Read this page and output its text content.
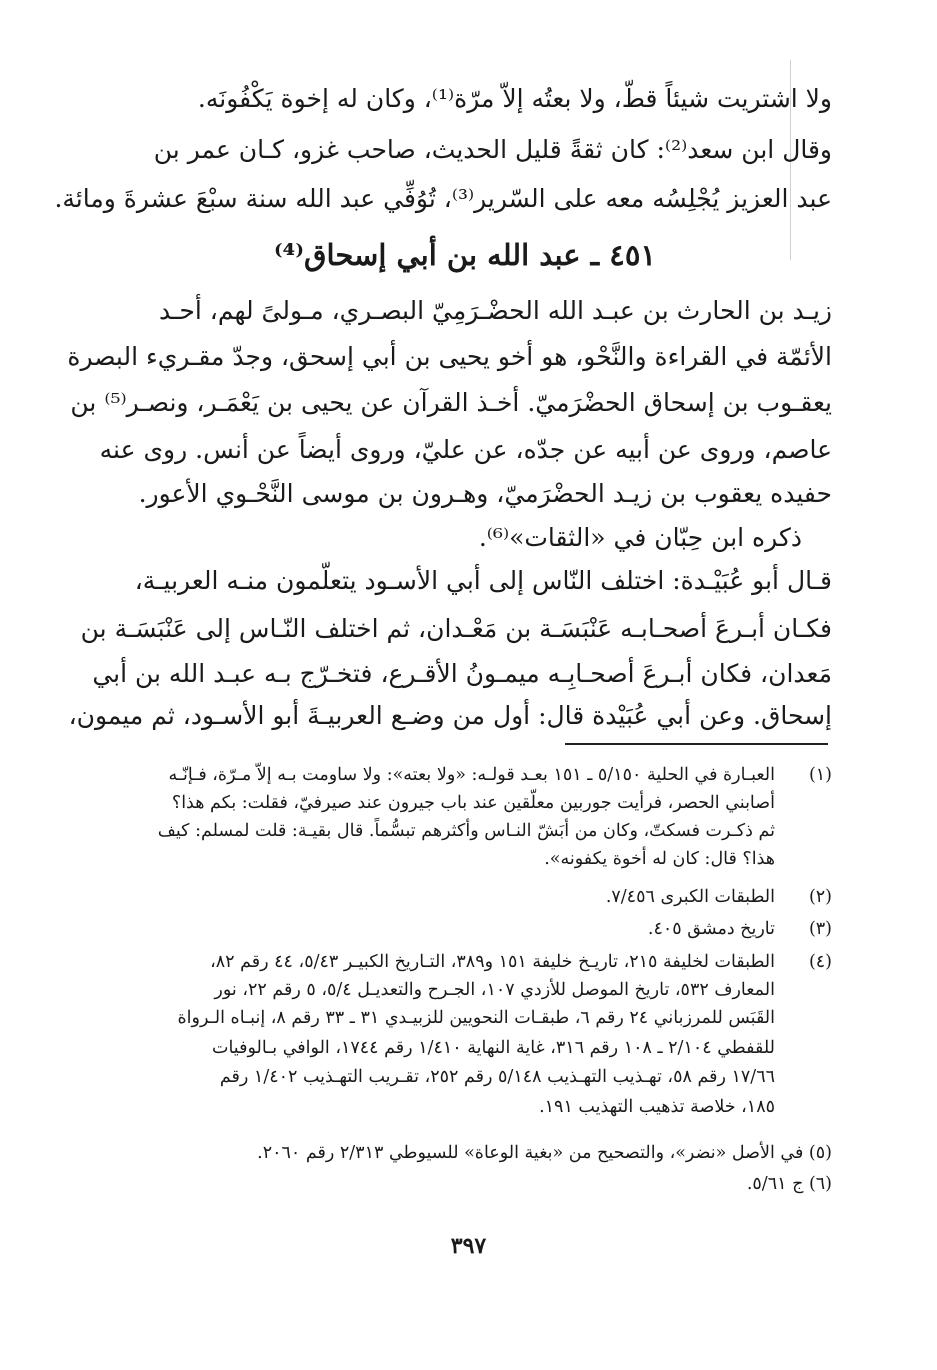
ولا اشتريت شيئاً قطّ، ولا بعتُه إلاّ مرّة⁽¹⁾، وكان له إخوة يَكْفُونَه.
وقال ابن سعد⁽²⁾: كان ثقةً قليل الحديث، صاحب غزو، كـان عمر بن
عبد العزيز يُجْلِسُه معه على السّرير⁽³⁾، تُوُفِّي عبد الله سنة سبْعَ عشرةَ ومائة.
٤٥١ ـ عبد الله بن أبي إسحاق⁽⁴⁾
زيـد بن الحارث بن عبـد الله الحضْـرَمِيّ البصـري، مـولىً لهم، أحـد
الأئمّة في القراءة والنَّحْو، هو أخو يحيى بن أبي إسحق، وجدّ مقـريء البصرة
يعقـوب بن إسحاق الحضْرَميّ. أخـذ القرآن عن يحيى بن يَعْمَـر، ونصـر⁽⁵⁾ بن
عاصم، وروى عن أبيه عن جدّه، عن عليّ، وروى أيضاً عن أنس. روى عنه
حفيده يعقوب بن زيـد الحضْرَميّ، وهـرون بن موسى النَّحْـوي الأعور.
ذكره ابن حِبّان في «الثقات»⁽⁶⁾.
قـال أبو عُبَيْـدة: اختلف النّاس إلى أبي الأسـود يتعلّمون منـه العربيـة،
فكـان أبـرعَ أصحـابـه عَنْبَسَـة بن مَعْـدان، ثم اختلف النّـاس إلى عَنْبَسَـة بن
مَعدان، فكان أبـرعَ أصحـابِـه ميمـونُ الأقـرع، فتخـرّج بـه عبـد الله بن أبي
إسحاق. وعن أبي عُبَيْدة قال: أول من وضـع العربيـةَ أبو الأسـود، ثم ميمون،
(١)
العبـارة في الحلية ٥/١٥٠ ـ ١٥١ بعـد قولـه: «ولا بعته»: ولا ساومت بـه إلاّ مـرّة، فـإنّـه
أصابني الحصر، فرأيت جوربين معلّقين عند باب جيرون عند صيرفيّ، فقلت: بكم هذا؟
ثم ذكـرت فسكتّ، وكان من أبَشّ النـاس وأكثرهم تبسُّماً. قال بقيـة: قلت لمسلم: كيف
هذا؟ قال: كان له أخوة يكفونه».
(٢)
الطبقات الكبرى ٧/٤٥٦.
(٣)
تاريخ دمشق ٤٠٥.
(٤)
الطبقات لخليفة ٢١٥، تاريـخ خليفة ١٥١ و٣٨٩، التـاريخ الكبيـر ٥/٤٣، ٤٤ رقم ٨٢،
المعارف ٥٣٢، تاريخ الموصل للأزدي ١٠٧، الجـرح والتعديـل ٥/٤، ٥ رقم ٢٢، نور
القَبَس للمرزباني ٢٤ رقم ٦، طبقـات النحويين للزبيـدي ٣١ ـ ٣٣ رقم ٨، إنبـاه الـرواة
للقفطي ٢/١٠٤ ـ ١٠٨ رقم ٣١٦، غاية النهاية ١/٤١٠ رقم ١٧٤٤، الوافي بـالوفيات
١٧/٦٦ رقم ٥٨، تهـذيب التهـذيب ٥/١٤٨ رقم ٢٥٢، تقـريب التهـذيب ١/٤٠٢ رقم
١٨٥، خلاصة تذهيب التهذيب ١٩١.
(٥) في الأصل «نضر»، والتصحيح من «بغية الوعاة» للسيوطي ٢/٣١٣ رقم ٢٠٦٠.
(٦) ج ٥/٦١.
٣٩٧
